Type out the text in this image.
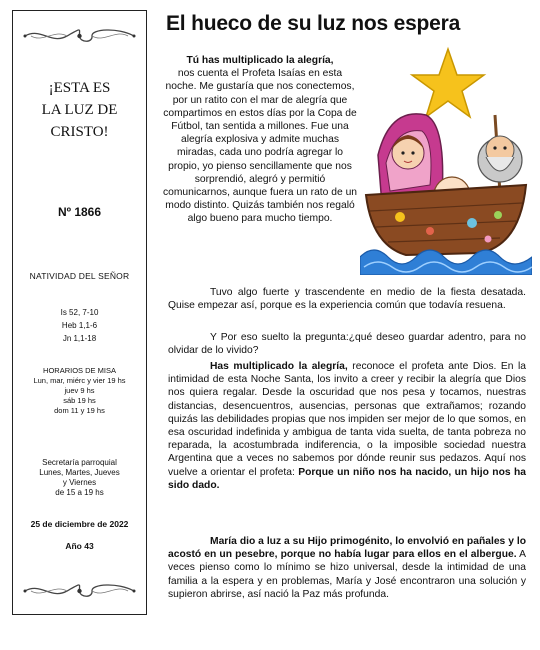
¡ESTA ES
LA LUZ DE
CRISTO!
Nº 1866
NATIVIDAD DEL SEÑOR
Is 52, 7-10
Heb 1,1-6
Jn 1,1-18
HORARIOS DE MISA
Lun, mar, miérc y vier 19 hs
juev 9 hs
sáb 19 hs
dom 11 y 19 hs
Secretaría parroquial
Lunes, Martes, Jueves
y Viernes
de 15 a 19 hs
25 de diciembre de 2022
Año 43
El hueco de su luz nos espera
Tú has multiplicado la alegría,
nos cuenta el Profeta Isaías en esta noche. Me gustaría que nos conectemos, por un ratito con el mar de alegría que compartimos en estos días por la Copa de Fútbol, tan sentida a millones. Fue una alegría explosiva y admite muchas miradas, cada uno podría agregar lo propio, yo pienso sencillamente que nos sorprendió, alegró y permitió comunicarnos, aunque fuera un rato de un modo distinto. Quizás también nos regaló algo bueno para mucho tiempo.
Tuvo algo fuerte y trascendente en medio de la fiesta desatada. Quise empezar así, porque es la experiencia común que todavía resuena.
Y Por eso suelto la pregunta:¿qué deseo guardar adentro, para no olvidar de lo vivido?
Has multiplicado la alegría, reconoce el profeta ante Dios. En la intimidad de esta Noche Santa, los invito a creer y recibir la alegría que Dios nos quiera regalar. Desde la oscuridad que nos pesa y tocamos, nuestras distancias, desencuentros, ausencias, personas que extrañamos; rozando quizás las debilidades propias que nos impiden ser mejor de lo que somos, en esa oscuridad indefinida y ambigua de tanta vida suelta, de tanta pobreza no reparada, la acostumbrada indiferencia, o la imposible sociedad nuestra Argentina que a veces no sabemos por dónde reunir sus pedazos. Aquí nos vuelve a orientar el profeta: Porque un niño nos ha nacido, un hijo nos ha sido dado.
María dio a luz a su Hijo primogénito, lo envolvió en pañales y lo acostó en un pesebre, porque no había lugar para ellos en el albergue. A veces pienso como lo mínimo se hizo universal, desde la intimidad de una familia a la espera y en problemas, María y José encontraron una solución y supieron abrirse, así nació la Paz más profunda.
